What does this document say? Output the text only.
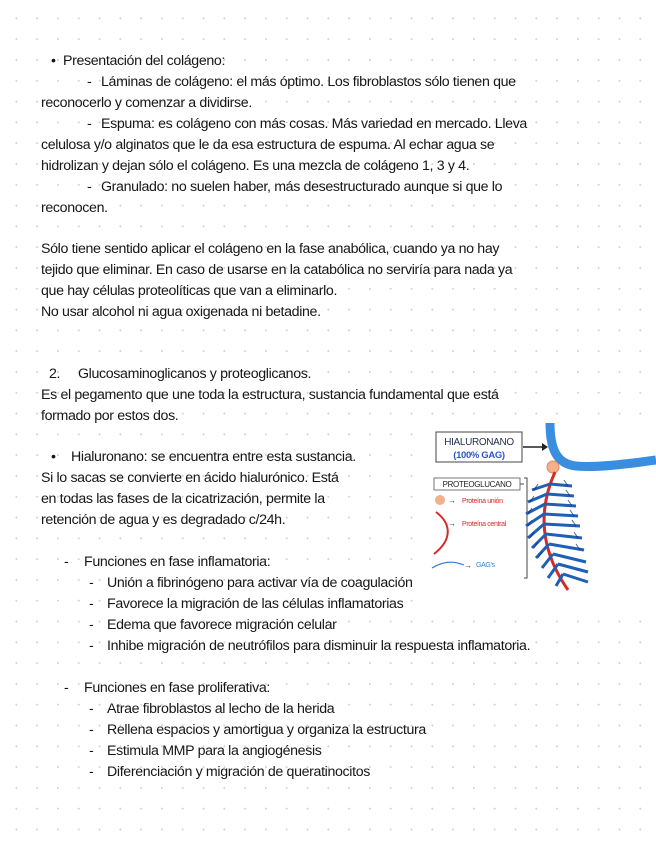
• Presentación del colágeno:
- Láminas de colágeno: el más óptimo. Los fibroblastos sólo tienen que
reconocerlo y comenzar a dividirse.
- Espuma: es colágeno con más cosas. Más variedad en mercado. Lleva
celulosa y/o alginatos que le da esa estructura de espuma. Al echar agua se
hidrolizan y dejan sólo el colágeno. Es una mezcla de colágeno 1, 3 y 4.
- Granulado: no suelen haber, más desestructurado aunque si que lo
reconocen.
Sólo tiene sentido aplicar el colágeno en la fase anabólica, cuando ya no hay
tejido que eliminar. En caso de usarse en la catabólica no serviría para nada ya
que hay células proteolíticas que van a eliminarlo.
No usar alcohol ni agua oxigenada ni betadine.
2. Glucosaminoglicanos y proteoglicanos.
Es el pegamento que une toda la estructura, sustancia fundamental que está
formado por estos dos.
• Hialuronano: se encuentra entre esta sustancia.
Si lo sacas se convierte en ácido hialurónico. Está
en todas las fases de la cicatrización, permite la
retención de agua y es degradado c/24h.
- Funciones en fase inflamatoria:
- Unión a fibrinógeno para activar vía de coagulación
- Favorece la migración de las células inflamatorias
- Edema que favorece migración celular
- Inhibe migración de neutrófilos para disminuir la respuesta inflamatoria.
- Funciones en fase proliferativa:
- Atrae fibroblastos al lecho de la herida
- Rellena espacios y amortigua y organiza la estructura
- Estimula MMP para la angiogénesis
- Diferenciación y migración de queratinocitos
HIALURONANO
(100% GAG)
PROTEOGLUCANO
→ Proteína unión
→ Proteína central
→ GAG's
